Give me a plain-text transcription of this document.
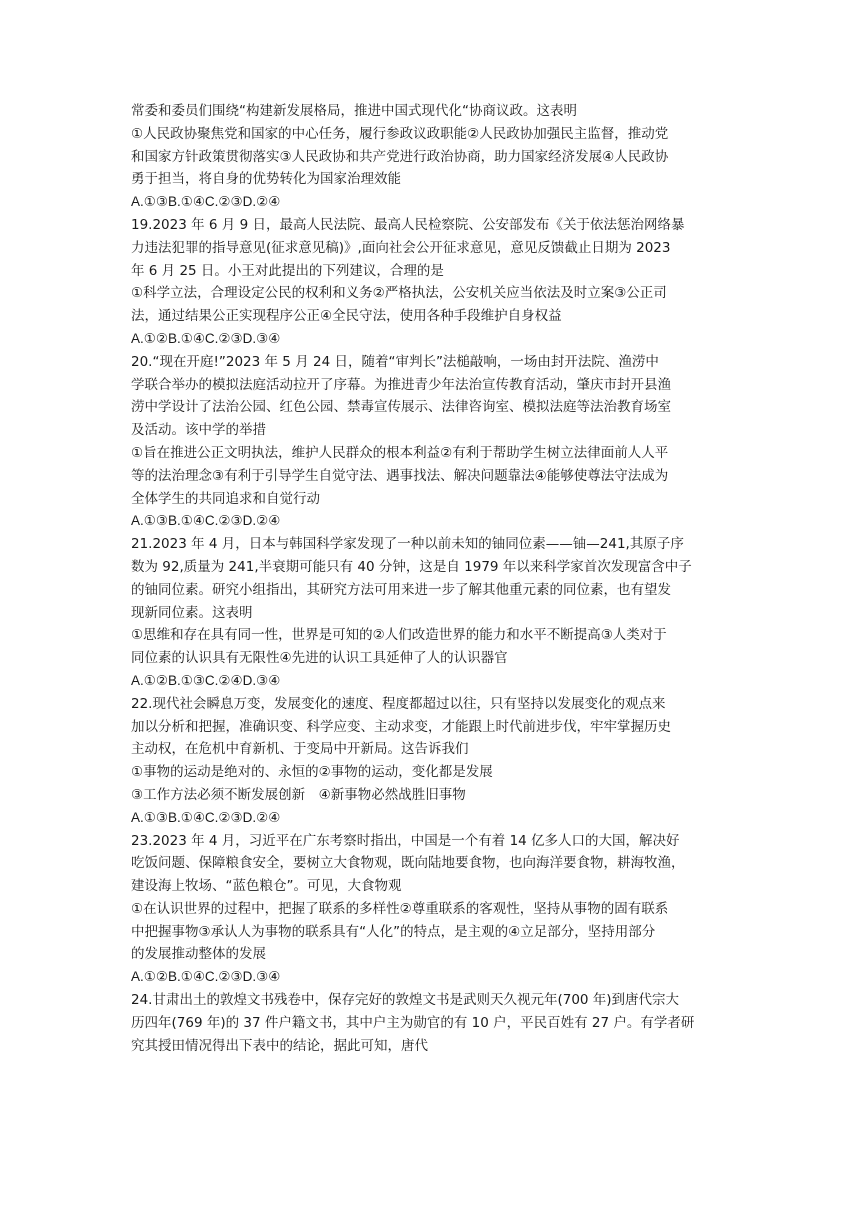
常委和委员们围绕“构建新发展格局，推进中国式现代化“协商议政。这表明
①人民政协聚焦党和国家的中心任务，履行参政议政职能②人民政协加强民主监督，推动党
和国家方针政策贯彻落实③人民政协和共产党进行政治协商，助力国家经济发展④人民政协
勇于担当，将自身的优势转化为国家治理效能
A.①③B.①④C.②③D.②④
19.2023 年 6 月 9 日，最高人民法院、最高人民检察院、公安部发布《关于依法惩治网络暴
力违法犯罪的指导意见(征求意见稿)》,面向社会公开征求意见，意见反馈截止日期为 2023
年 6 月 25 日。小王对此提出的下列建议，合理的是
①科学立法，合理设定公民的权利和义务②严格执法，公安机关应当依法及时立案③公正司
法，通过结果公正实现程序公正④全民守法，使用各种手段维护自身权益
A.①②B.①④C.②③D.③④
20.“现在开庭!”2023 年 5 月 24 日，随着“审判长”法槌敲响，一场由封开法院、渔涝中
学联合举办的模拟法庭活动拉开了序幕。为推进青少年法治宣传教育活动，肇庆市封开县渔
涝中学设计了法治公园、红色公园、禁毒宣传展示、法律咨询室、模拟法庭等法治教育场室
及活动。该中学的举措
①旨在推进公正文明执法，维护人民群众的根本利益②有利于帮助学生树立法律面前人人平
等的法治理念③有利于引导学生自觉守法、遇事找法、解决问题靠法④能够使尊法守法成为
全体学生的共同追求和自觉行动
A.①③B.①④C.②③D.②④
21.2023 年 4 月，日本与韩国科学家发现了一种以前未知的铀同位素——铀—241,其原子序
数为 92,质量为 241,半衰期可能只有 40 分钟，这是自 1979 年以来科学家首次发现富含中子
的铀同位素。研究小组指出，其研究方法可用来进一步了解其他重元素的同位素，也有望发
现新同位素。这表明
①思维和存在具有同一性，世界是可知的②人们改造世界的能力和水平不断提高③人类对于
同位素的认识具有无限性④先进的认识工具延伸了人的认识器官
A.①②B.①③C.②④D.③④
22.现代社会瞬息万变，发展变化的速度、程度都超过以往，只有坚持以发展变化的观点来
加以分析和把握，准确识变、科学应变、主动求变，才能跟上时代前进步伐，牢牢掌握历史
主动权，在危机中育新机、于变局中开新局。这告诉我们
①事物的运动是绝对的、永恒的②事物的运动，变化都是发展
③工作方法必须不断发展创新　④新事物必然战胜旧事物
A.①③B.①④C.②③D.②④
23.2023 年 4 月，习近平在广东考察时指出，中国是一个有着 14 亿多人口的大国，解决好
吃饭问题、保障粮食安全，要树立大食物观，既向陆地要食物，也向海洋要食物，耕海牧渔，
建设海上牧场、“蓝色粮仓”。可见，大食物观
①在认识世界的过程中，把握了联系的多样性②尊重联系的客观性，坚持从事物的固有联系
中把握事物③承认人为事物的联系具有“人化”的特点，是主观的④立足部分，坚持用部分
的发展推动整体的发展
A.①②B.①④C.②③D.③④
24.甘肃出土的敦煌文书残卷中，保存完好的敦煌文书是武则天久视元年(700 年)到唐代宗大
历四年(769 年)的 37 件户籍文书，其中户主为勋官的有 10 户，平民百姓有 27 户。有学者研
究其授田情况得出下表中的结论，据此可知，唐代
